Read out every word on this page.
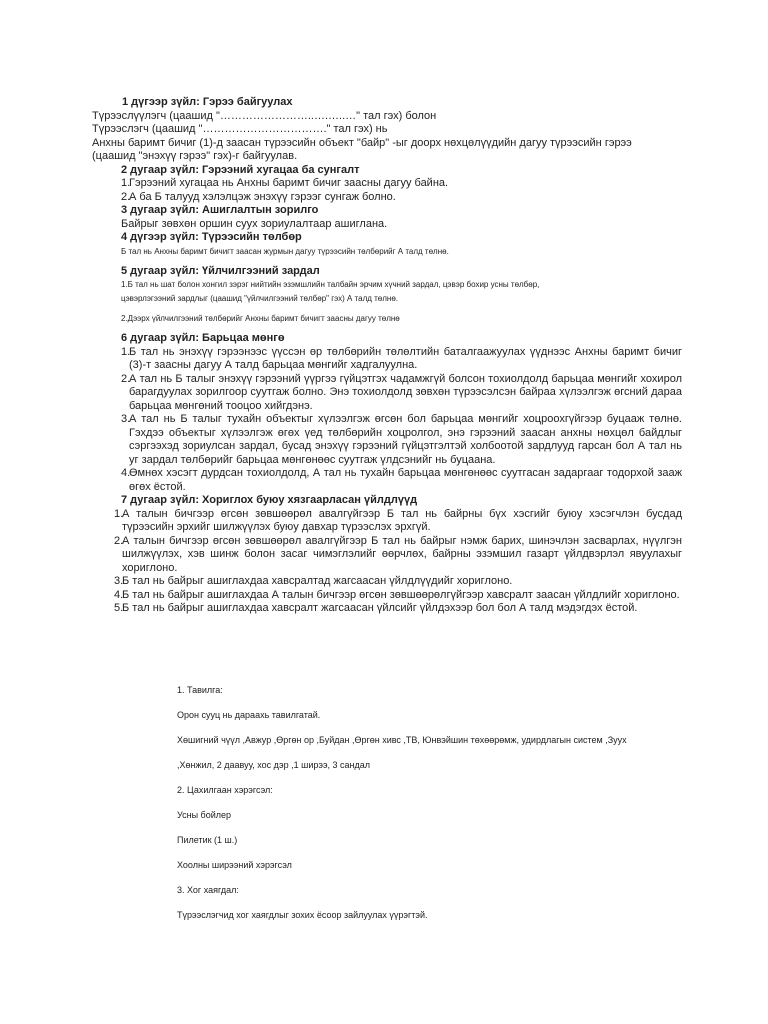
1 дүгээр зүйл: Гэрээ байгуулах
Түрээслүүлэгч (цаашид "……………………..….…..…" тал гэх) болон
Түрээслэгч (цаашид "……………………………." тал гэх) нь
Анхны баримт бичиг (1)-д заасан түрээсийн объект "байр" -ыг доорх нөхцөлүүдийн дагуу түрээсийн гэрээ
(цаашид "энэхүү гэрээ" гэх)-г байгуулав.
2 дугаар зүйл: Гэрээний хугацаа ба сунгалт
1.
Гэрээний хугацаа нь Анхны баримт бичиг заасны дагуу байна.
2.
А ба Б талууд хэлэлцэж энэхүү гэрээг сунгаж болно.
3 дугаар зүйл: Ашиглалтын зорилго
Байрыг зөвхөн оршин суух зориулалтаар ашиглана.
4 дүгээр зүйл: Түрээсийн төлбөр
Б тал нь Анхны баримт бичигт заасан журмын дагуу түрээсийн төлбөрийг А талд төлнө.
5 дугаар зүйл: Үйлчилгээний зардал
1.Б тал нь шат болон хонгил зэрэг нийтийн эзэмшлийн талбайн эрчим хүчний зардал, цэвэр бохир усны төлбөр,
цэвэрлэгээний зардлыг (цаашид "үйлчилгээний төлбөр" гэх) А талд төлнө.
2.Дээрх үйлчилгээний төлбөрийг Анхны баримт бичигт заасны дагуу төлнө
6 дугаар зүйл: Барьцаа мөнгө
1.
Б тал нь энэхүү гэрээнээс үүссэн өр төлбөрийн төлөлтийн баталгаажуулах үүднээс Анхны баримт бичиг (3)-т заасны дагуу А талд барьцаа мөнгийг хадгалуулна.
2.
А тал нь Б талыг энэхүү гэрээний үүргээ гүйцэтгэх чадамжгүй болсон тохиолдолд барьцаа мөнгийг хохирол барагдуулах зорилгоор суутгаж болно. Энэ тохиолдолд зөвхөн түрээсэлсэн байраа хүлээлгэж өгсний дараа барьцаа мөнгөний тооцоо хийгдэнэ.
3.
А тал нь Б талыг тухайн объектыг хүлээлгэж өгсөн бол барьцаа мөнгийг хоцроохгүйгээр буцааж төлнө. Гэхдээ объектыг хүлээлгэж өгөх үед төлбөрийн хоцролгол, энэ гэрээний заасан анхны нөхцөл байдлыг сэргээхэд зориулсан зардал, бусад энэхүү гэрээний гүйцэтгэлтэй холбоотой зардлууд гарсан бол А тал нь уг зардал төлбөрийг барьцаа мөнгөнөөс суутгаж үлдсэнийг нь буцаана.
4.
Өмнөх хэсэгт дурдсан тохиолдолд, А тал нь тухайн барьцаа мөнгөнөөс суутгасан задаргааг тодорхой зааж өгөх ёстой.
7 дугаар зүйл: Хориглох буюу хязгаарласан үйлдлүүд
1.
А талын бичгээр өгсөн зөвшөөрөл авалгүйгээр Б тал нь байрны бүх хэсгийг буюу хэсэгчлэн бусдад түрээсийн эрхийг шилжүүлэх буюу давхар түрээслэх эрхгүй.
2.
А талын бичгээр өгсөн зөвшөөрөл авалгүйгээр Б тал нь байрыг нэмж барих, шинэчлэн засварлах, нүүлгэн шилжүүлэх, хэв шинж болон засаг чимэглэлийг өөрчлөх, байрны эзэмшил газарт үйлдвэрлэл явуулахыг хориглоно.
3.
Б тал нь байрыг ашиглахдаа хавсралтад жагсаасан үйлдлүүдийг хориглоно.
4.
Б тал нь байрыг ашиглахдаа А талын бичгээр өгсөн зөвшөөрөлгүйгээр хавсралт заасан үйлдлийг хориглоно.
5.
Б тал нь байрыг ашиглахдаа хавсралт жагсаасан үйлсийг үйлдэхээр бол бол А талд мэдэгдэх ёстой.

1. Тавилга:

Орон сууц нь дараахь тавилгатай.

Хөшигний чүүл ,Авжур ,Өргөн ор ,Буйдан ,Өргөн хивс ,ТВ, Юнвэйшин төхөөрөмж, удирдлагын систем ,Зуух

,Хөнжил, 2 даавуу, хос дэр ,1 ширээ, 3 сандал

2. Цахилгаан хэрэгсэл:

Усны бойлер

Пилетик (1 ш.)

Хоолны ширээний хэрэгсэл

3. Хог хаягдал:

Түрээслэгчид хог хаягдлыг зохих ёсоор зайлуулах үүрэгтэй.
